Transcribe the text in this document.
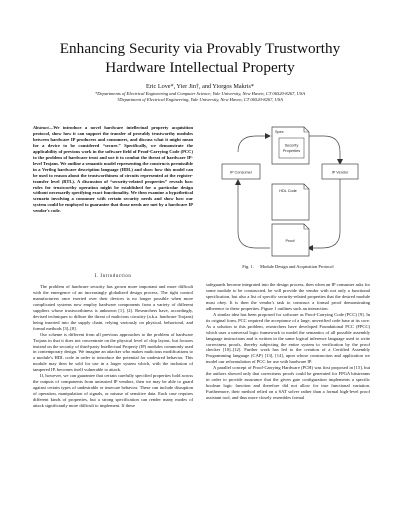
Enhancing Security via Provably Trustworthy
Hardware Intellectual Property
Eric Love*, Yier Jin†, and Yiorgos Makris*
*Departments of Electrical Engineering and Computer Science, Yale University, New Haven, CT 06520-8267, USA
†Department of Electrical Engineering, Yale University, New Haven, CT 06520-8267, USA
Abstract—We introduce a novel hardware intellectual property acquisition protocol, show how it can support the transfer of provably trustworthy modules between hardware IP producers and consumers, and discuss what it might mean for a device to be considered “secure.” Specifically, we demonstrate the applicability of previous work in the software field of Proof-Carrying Code (PCC) to the problem of hardware trust and use it to combat the threat of hardware IP-level Trojans. We outline a semantic model representing the constructs permissible in a Verilog hardware description language (HDL) and show how this model can be used to reason about the trustworthiness of circuits represented at the register-transfer level (RTL). A discussion of “security-related properties” reveals how rules for trustworthy operation might be established for a particular design without necessarily specifying exact functionality. We then examine a hypothetical scenario involving a consumer with certain security needs and show how our system could be employed to guarantee that those needs are met by a hardware IP vendor's code.
I. Introduction

The problem of hardware security has grown more important and more difficult with the emergence of an increasingly globalized design process. The tight control manufacturers once exerted over their devices is no longer possible when more complicated systems now employ hardware components from a variety of different suppliers whose trustworthiness is unknown [1], [2]. Researchers have, accordingly, devised techniques to diffuse the threat of malicious circuitry (a.k.a. hardware Trojans) being inserted into the supply chain, relying variously on physical, behavioral, and formal methods [3]–[8].

Our scheme is different from all previous approaches to the problem of hardware Trojans in that it does not concentrate on the physical level of chip layout, but focuses instead on the security of third-party Intellectual Property (IP) modules commonly used in contemporary design. We imagine an attacker who makes malicious modifications to a module's HDL code in order to introduce the potential for undesired behavior. This module may then be sold for use in a larger system which, with the inclusion of tampered IP, becomes itself vulnerable to attack.

If, however, we can guarantee that certain carefully specified properties hold across the outputs of components from untrusted IP vendors, then we may be able to guard against certain types of undesirable or insecure behavior. These can include disruption of operation, manipulation of signals, or misuse of sensitive data. Each case requires different kinds of properties, but a strong specification can render many modes of attack significantly more difficult to implement. If these

Spec
Security
Properties
IP Consumer	IP Vendor
HDL Code
Proof
Fig. 1. Module Design and Acquisition Protocol

safeguards become integrated into the design process, then when an IP consumer asks for some module to be constructed, he will provide the vendor with not only a functional specification, but also a list of specific security-related properties that the desired module must obey. It is then the vendor's task to construct a formal proof demonstrating adherence to these properties. Figure 1 outlines such an interaction.

A similar idea has been proposed for software as Proof-Carrying Code (PCC) [9]. In its original form, PCC required the acceptance of a large, unverified code base at its core. As a solution to this problem, researchers have developed Foundational PCC (FPCC) which uses a universal logic framework to model the semantics of all possible assembly language instructions and is written in the same logical inference language used to write correctness proofs, thereby subjecting the entire system to verification by the proof checker [10]–[12]. Further work has led to the creation of a Certified Assembly Programming language (CAP) [13], [14], upon whose construction and application we model our reformulation of PCC for use with hardware IP.

A parallel concept of Proof-Carrying Hardware (PCH) was first proposed in [15], but the authors showed only that correctness proofs could be generated for FPGA bitstreams in order to provide assurance that the given gate configuration implements a specific boolean logic function and therefore did not allow for true functional variation. Furthermore, their method relied on a SAT solver rather than a formal high-level proof assistant tool, and thus more closely resembles formal
